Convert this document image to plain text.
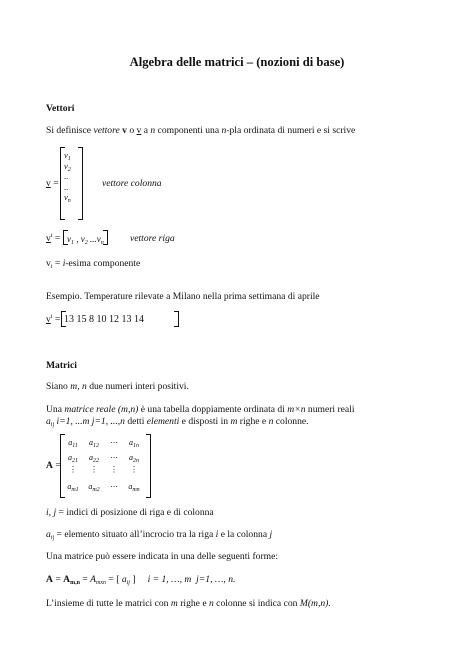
Algebra delle matrici – (nozioni di base)
Vettori
Si definisce vettore v o v a n componenti una n-pla ordinata di numeri e si scrive
v =
$v_1$
$v_2$
..
..
$v_n$
vettore colonna
$v^t = v_1$ , $v_2$ $...v_n$	vettore riga
$v_i$ = i-esima componente
Esempio. Temperature rilevate a Milano nella prima settimana di aprile
$v^t = 13$ 15 8 10 12 13 14
Matrici
Siano m, n due numeri interi positivi.
Una matrice reale (m,n) è una tabella doppiamente ordinata di m×n numeri reali
$a_{ij}$ i=1, ...m j=1, ...,n detti elementi e disposti in m righe e n colonne.
A =
$a_{11}$	$a_{12}$	⋯	$a_{1n}$
$a_{21}$	$a_{22}$	⋯	$a_{2n}$
⋮	⋮	⋮	⋮
$a_{m1}$	$a_{m2}$	⋯	$a_{mn}$
i, j = indici di posizione di riga e di colonna
$a_{ij}$ = elemento situato all’incrocio tra la riga i e la colonna j
Una matrice può essere indicata in una delle seguenti forme:
$A = A_{m,n} = A_{mxn}$ = [ $a_{ij}$ ]     i = 1, …, m  j=1, …, n.
L’insieme di tutte le matrici con m righe e n colonne si indica con M(m,n).
